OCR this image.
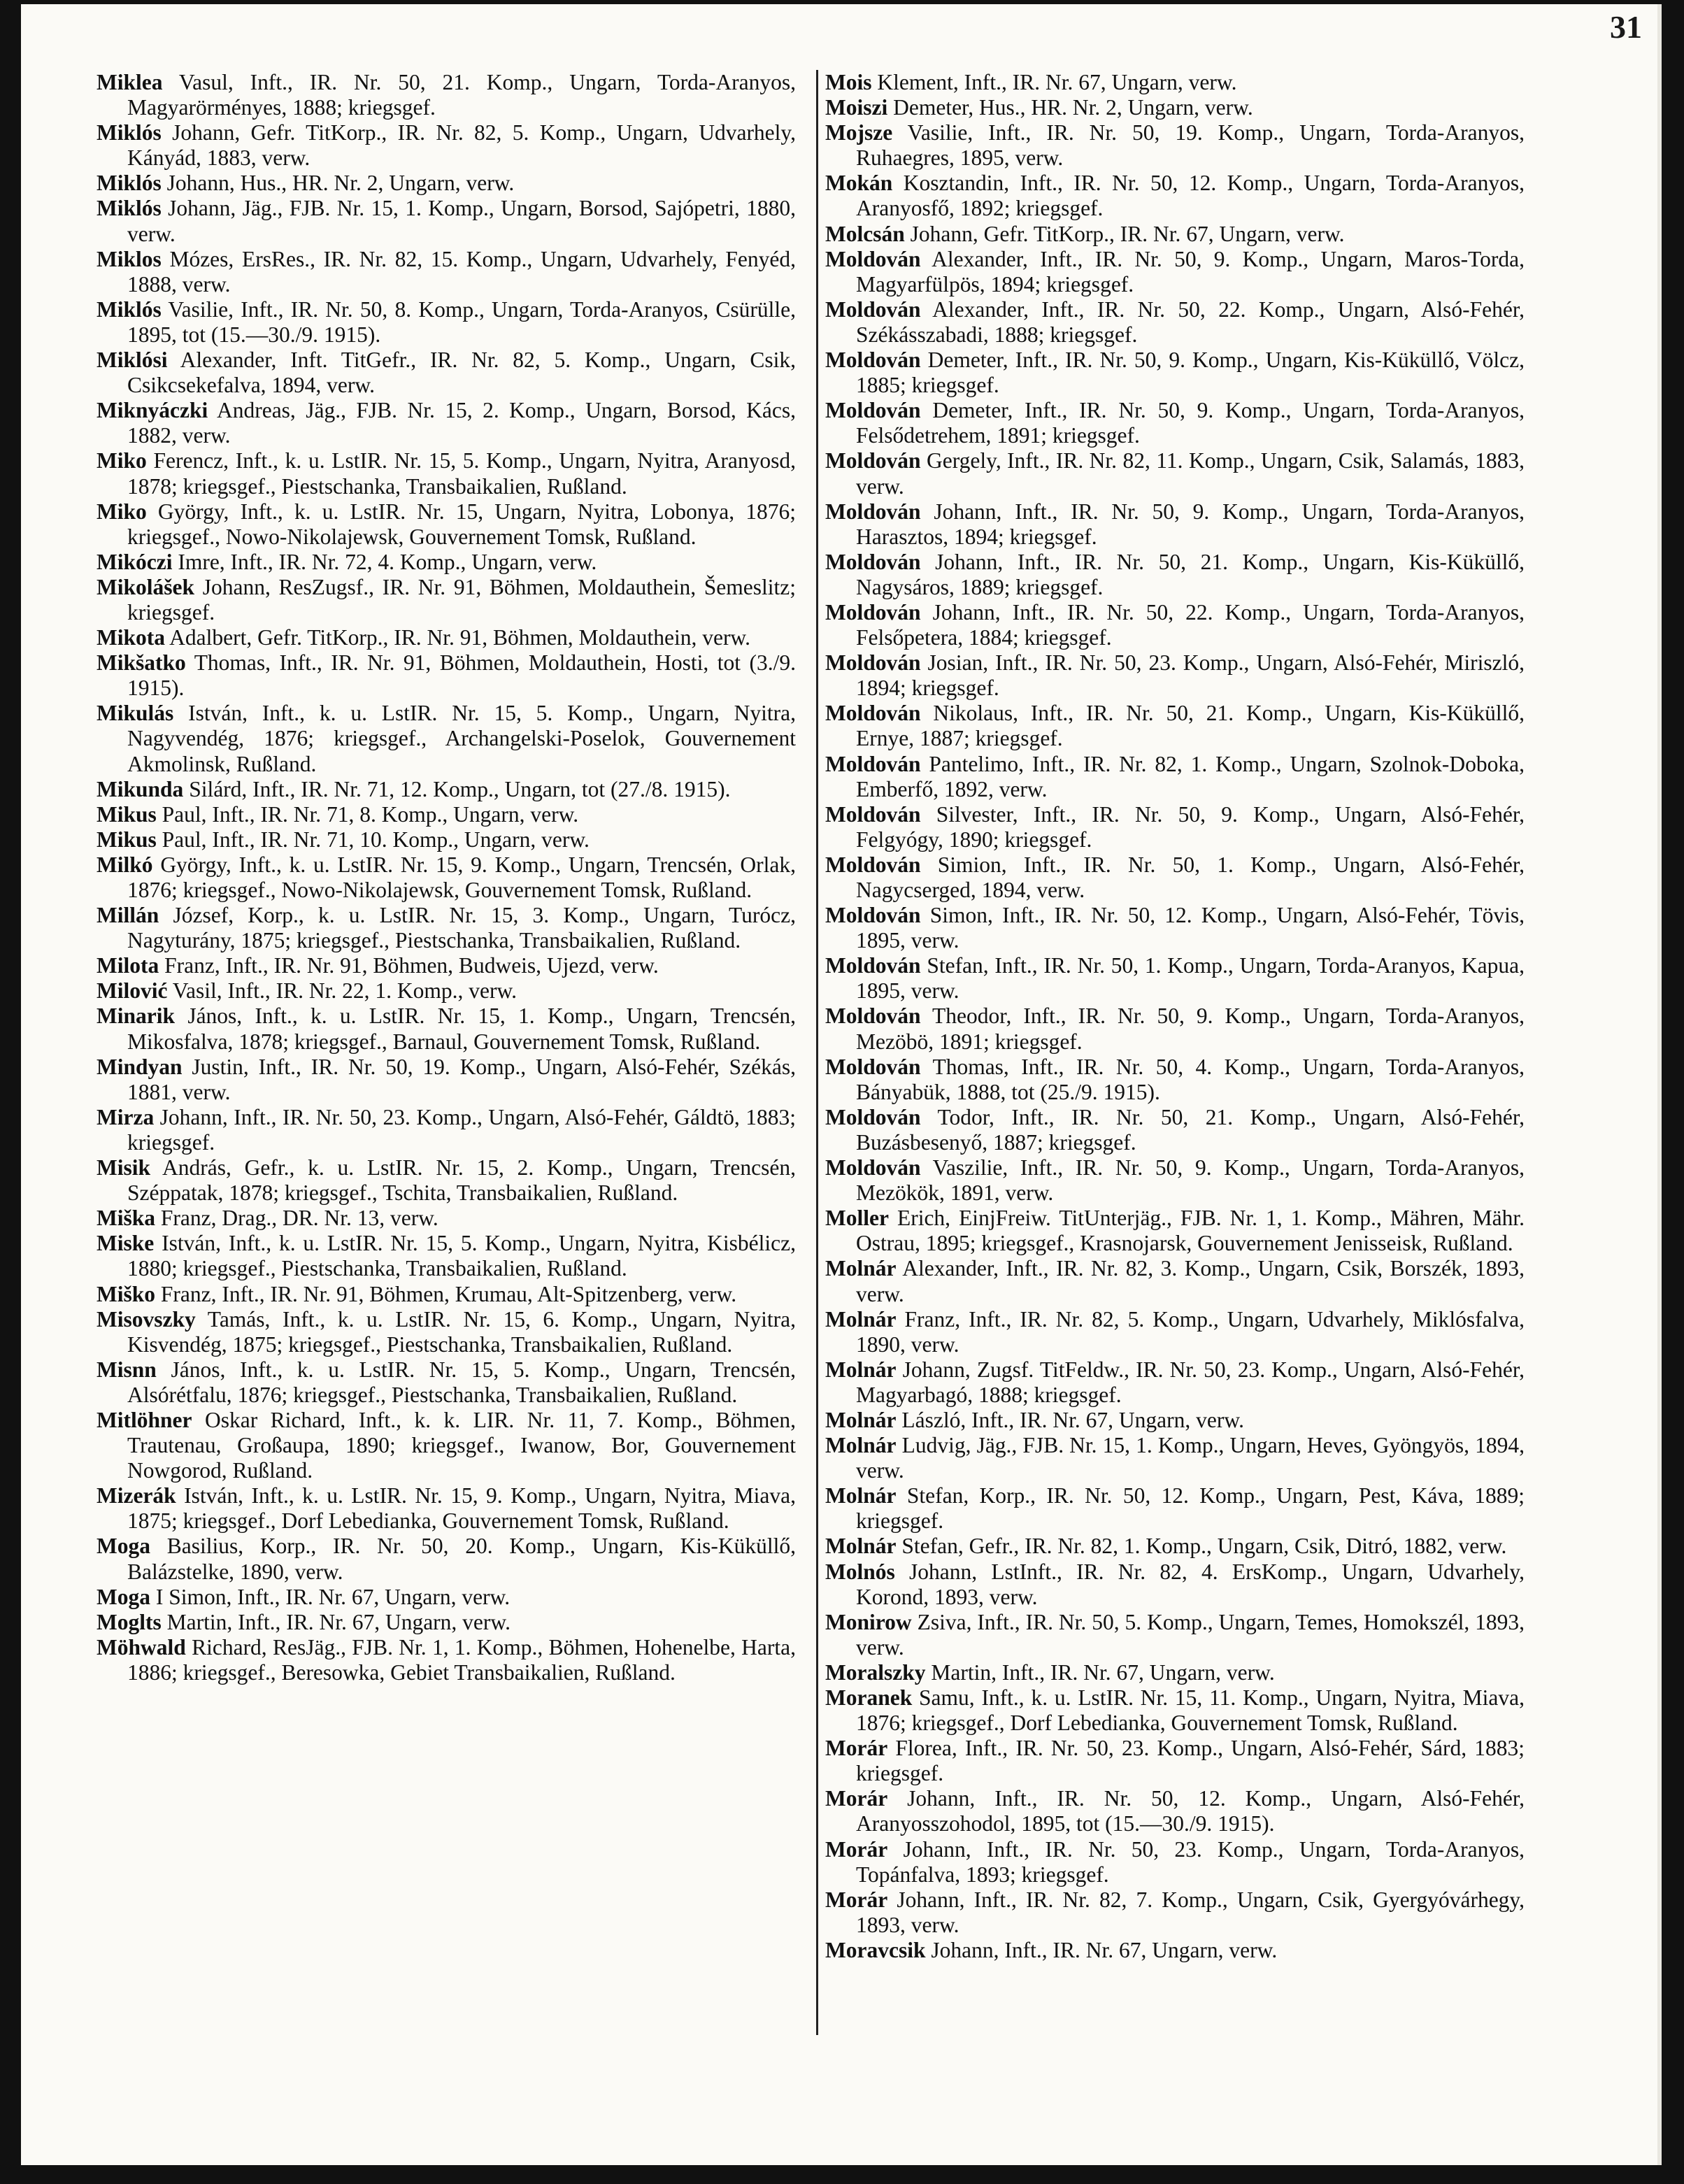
31

Miklea Vasul, Inft., IR. Nr. 50, 21. Komp., Ungarn, Torda-Aranyos, Magyarörményes, 1888; kriegsgef.

Miklós Johann, Gefr. TitKorp., IR. Nr. 82, 5. Komp., Ungarn, Udvarhely, Kányád, 1883, verw.

Miklós Johann, Hus., HR. Nr. 2, Ungarn, verw.

Miklós Johann, Jäg., FJB. Nr. 15, 1. Komp., Ungarn, Borsod, Sajópetri, 1880, verw.

Miklos Mózes, ErsRes., IR. Nr. 82, 15. Komp., Ungarn, Udvarhely, Fenyéd, 1888, verw.

Miklós Vasilie, Inft., IR. Nr. 50, 8. Komp., Ungarn, Torda-Aranyos, Csürülle, 1895, tot (15.—30./9. 1915).

Miklósi Alexander, Inft. TitGefr., IR. Nr. 82, 5. Komp., Ungarn, Csik, Csikcsekefalva, 1894, verw.

Miknyáczki Andreas, Jäg., FJB. Nr. 15, 2. Komp., Ungarn, Borsod, Kács, 1882, verw.

Miko Ferencz, Inft., k. u. LstIR. Nr. 15, 5. Komp., Ungarn, Nyitra, Aranyosd, 1878; kriegsgef., Piestschanka, Transbaikalien, Rußland.

Miko György, Inft., k. u. LstIR. Nr. 15, Ungarn, Nyitra, Lobonya, 1876; kriegsgef., Nowo-Nikolajewsk, Gouvernement Tomsk, Rußland.

Mikóczi Imre, Inft., IR. Nr. 72, 4. Komp., Ungarn, verw.

Mikolášek Johann, ResZugsf., IR. Nr. 91, Böhmen, Moldauthein, Šemeslitz; kriegsgef.

Mikota Adalbert, Gefr. TitKorp., IR. Nr. 91, Böhmen, Moldauthein, verw.

Mikšatko Thomas, Inft., IR. Nr. 91, Böhmen, Moldauthein, Hosti, tot (3./9. 1915).

Mikulás István, Inft., k. u. LstIR. Nr. 15, 5. Komp., Ungarn, Nyitra, Nagyvendég, 1876; kriegsgef., Archangelski-Poselok, Gouvernement Akmolinsk, Rußland.

Mikunda Silárd, Inft., IR. Nr. 71, 12. Komp., Ungarn, tot (27./8. 1915).

Mikus Paul, Inft., IR. Nr. 71, 8. Komp., Ungarn, verw.

Mikus Paul, Inft., IR. Nr. 71, 10. Komp., Ungarn, verw.

Milkó György, Inft., k. u. LstIR. Nr. 15, 9. Komp., Ungarn, Trencsén, Orlak, 1876; kriegsgef., Nowo-Nikolajewsk, Gouvernement Tomsk, Rußland.

Millán József, Korp., k. u. LstIR. Nr. 15, 3. Komp., Ungarn, Turócz, Nagyturány, 1875; kriegsgef., Piestschanka, Transbaikalien, Rußland.

Milota Franz, Inft., IR. Nr. 91, Böhmen, Budweis, Ujezd, verw.

Milović Vasil, Inft., IR. Nr. 22, 1. Komp., verw.

Minarik János, Inft., k. u. LstIR. Nr. 15, 1. Komp., Ungarn, Trencsén, Mikosfalva, 1878; kriegsgef., Barnaul, Gouvernement Tomsk, Rußland.

Mindyan Justin, Inft., IR. Nr. 50, 19. Komp., Ungarn, Alsó-Fehér, Székás, 1881, verw.

Mirza Johann, Inft., IR. Nr. 50, 23. Komp., Ungarn, Alsó-Fehér, Gáldtö, 1883; kriegsgef.

Misik András, Gefr., k. u. LstIR. Nr. 15, 2. Komp., Ungarn, Trencsén, Széppatak, 1878; kriegsgef., Tschita, Transbaikalien, Rußland.

Miška Franz, Drag., DR. Nr. 13, verw.

Miske István, Inft., k. u. LstIR. Nr. 15, 5. Komp., Ungarn, Nyitra, Kisbélicz, 1880; kriegsgef., Piestschanka, Transbaikalien, Rußland.

Miško Franz, Inft., IR. Nr. 91, Böhmen, Krumau, Alt-Spitzenberg, verw.

Misovszky Tamás, Inft., k. u. LstIR. Nr. 15, 6. Komp., Ungarn, Nyitra, Kisvendég, 1875; kriegsgef., Piestschanka, Transbaikalien, Rußland.

Misnn János, Inft., k. u. LstIR. Nr. 15, 5. Komp., Ungarn, Trencsén, Alsórétfalu, 1876; kriegsgef., Piestschanka, Transbaikalien, Rußland.

Mitlöhner Oskar Richard, Inft., k. k. LIR. Nr. 11, 7. Komp., Böhmen, Trautenau, Großaupa, 1890; kriegsgef., Iwanow, Bor, Gouvernement Nowgorod, Rußland.

Mizerák István, Inft., k. u. LstIR. Nr. 15, 9. Komp., Ungarn, Nyitra, Miava, 1875; kriegsgef., Dorf Lebedianka, Gouvernement Tomsk, Rußland.

Moga Basilius, Korp., IR. Nr. 50, 20. Komp., Ungarn, Kis-Küküllő, Balázstelke, 1890, verw.

Moga I Simon, Inft., IR. Nr. 67, Ungarn, verw.

Moglts Martin, Inft., IR. Nr. 67, Ungarn, verw.

Möhwald Richard, ResJäg., FJB. Nr. 1, 1. Komp., Böhmen, Hohenelbe, Harta, 1886; kriegsgef., Beresowka, Gebiet Transbaikalien, Rußland.

Mois Klement, Inft., IR. Nr. 67, Ungarn, verw.

Moiszi Demeter, Hus., HR. Nr. 2, Ungarn, verw.

Mojsze Vasilie, Inft., IR. Nr. 50, 19. Komp., Ungarn, Torda-Aranyos, Ruhaegres, 1895, verw.

Mokán Kosztandin, Inft., IR. Nr. 50, 12. Komp., Ungarn, Torda-Aranyos, Aranyosfő, 1892; kriegsgef.

Molcsán Johann, Gefr. TitKorp., IR. Nr. 67, Ungarn, verw.

Moldován Alexander, Inft., IR. Nr. 50, 9. Komp., Ungarn, Maros-Torda, Magyarfülpös, 1894; kriegsgef.

Moldován Alexander, Inft., IR. Nr. 50, 22. Komp., Ungarn, Alsó-Fehér, Székásszabadi, 1888; kriegsgef.

Moldován Demeter, Inft., IR. Nr. 50, 9. Komp., Ungarn, Kis-Küküllő, Völcz, 1885; kriegsgef.

Moldován Demeter, Inft., IR. Nr. 50, 9. Komp., Ungarn, Torda-Aranyos, Felsődetrehem, 1891; kriegsgef.

Moldován Gergely, Inft., IR. Nr. 82, 11. Komp., Ungarn, Csik, Salamás, 1883, verw.

Moldován Johann, Inft., IR. Nr. 50, 9. Komp., Ungarn, Torda-Aranyos, Harasztos, 1894; kriegsgef.

Moldován Johann, Inft., IR. Nr. 50, 21. Komp., Ungarn, Kis-Küküllő, Nagysáros, 1889; kriegsgef.

Moldován Johann, Inft., IR. Nr. 50, 22. Komp., Ungarn, Torda-Aranyos, Felsőpetera, 1884; kriegsgef.

Moldován Josian, Inft., IR. Nr. 50, 23. Komp., Ungarn, Alsó-Fehér, Miriszló, 1894; kriegsgef.

Moldován Nikolaus, Inft., IR. Nr. 50, 21. Komp., Ungarn, Kis-Küküllő, Ernye, 1887; kriegsgef.

Moldován Pantelimo, Inft., IR. Nr. 82, 1. Komp., Ungarn, Szolnok-Doboka, Emberfő, 1892, verw.

Moldován Silvester, Inft., IR. Nr. 50, 9. Komp., Ungarn, Alsó-Fehér, Felgyógy, 1890; kriegsgef.

Moldován Simion, Inft., IR. Nr. 50, 1. Komp., Ungarn, Alsó-Fehér, Nagycserged, 1894, verw.

Moldován Simon, Inft., IR. Nr. 50, 12. Komp., Ungarn, Alsó-Fehér, Tövis, 1895, verw.

Moldován Stefan, Inft., IR. Nr. 50, 1. Komp., Ungarn, Torda-Aranyos, Kapua, 1895, verw.

Moldován Theodor, Inft., IR. Nr. 50, 9. Komp., Ungarn, Torda-Aranyos, Mezöbö, 1891; kriegsgef.

Moldován Thomas, Inft., IR. Nr. 50, 4. Komp., Ungarn, Torda-Aranyos, Bányabük, 1888, tot (25./9. 1915).

Moldován Todor, Inft., IR. Nr. 50, 21. Komp., Ungarn, Alsó-Fehér, Buzásbesenyő, 1887; kriegsgef.

Moldován Vaszilie, Inft., IR. Nr. 50, 9. Komp., Ungarn, Torda-Aranyos, Mezökök, 1891, verw.

Moller Erich, EinjFreiw. TitUnterjäg., FJB. Nr. 1, 1. Komp., Mähren, Mähr. Ostrau, 1895; kriegsgef., Krasnojarsk, Gouvernement Jenisseisk, Rußland.

Molnár Alexander, Inft., IR. Nr. 82, 3. Komp., Ungarn, Csik, Borszék, 1893, verw.

Molnár Franz, Inft., IR. Nr. 82, 5. Komp., Ungarn, Udvarhely, Miklósfalva, 1890, verw.

Molnár Johann, Zugsf. TitFeldw., IR. Nr. 50, 23. Komp., Ungarn, Alsó-Fehér, Magyarbagó, 1888; kriegsgef.

Molnár László, Inft., IR. Nr. 67, Ungarn, verw.

Molnár Ludvig, Jäg., FJB. Nr. 15, 1. Komp., Ungarn, Heves, Gyöngyös, 1894, verw.

Molnár Stefan, Korp., IR. Nr. 50, 12. Komp., Ungarn, Pest, Káva, 1889; kriegsgef.

Molnár Stefan, Gefr., IR. Nr. 82, 1. Komp., Ungarn, Csik, Ditró, 1882, verw.

Molnós Johann, LstInft., IR. Nr. 82, 4. ErsKomp., Ungarn, Udvarhely, Korond, 1893, verw.

Monirow Zsiva, Inft., IR. Nr. 50, 5. Komp., Ungarn, Temes, Homokszél, 1893, verw.

Moralszky Martin, Inft., IR. Nr. 67, Ungarn, verw.

Moranek Samu, Inft., k. u. LstIR. Nr. 15, 11. Komp., Ungarn, Nyitra, Miava, 1876; kriegsgef., Dorf Lebedianka, Gouvernement Tomsk, Rußland.

Morár Florea, Inft., IR. Nr. 50, 23. Komp., Ungarn, Alsó-Fehér, Sárd, 1883; kriegsgef.

Morár Johann, Inft., IR. Nr. 50, 12. Komp., Ungarn, Alsó-Fehér, Aranyosszohodol, 1895, tot (15.—30./9. 1915).

Morár Johann, Inft., IR. Nr. 50, 23. Komp., Ungarn, Torda-Aranyos, Topánfalva, 1893; kriegsgef.

Morár Johann, Inft., IR. Nr. 82, 7. Komp., Ungarn, Csik, Gyergyóvárhegy, 1893, verw.

Moravcsik Johann, Inft., IR. Nr. 67, Ungarn, verw.
